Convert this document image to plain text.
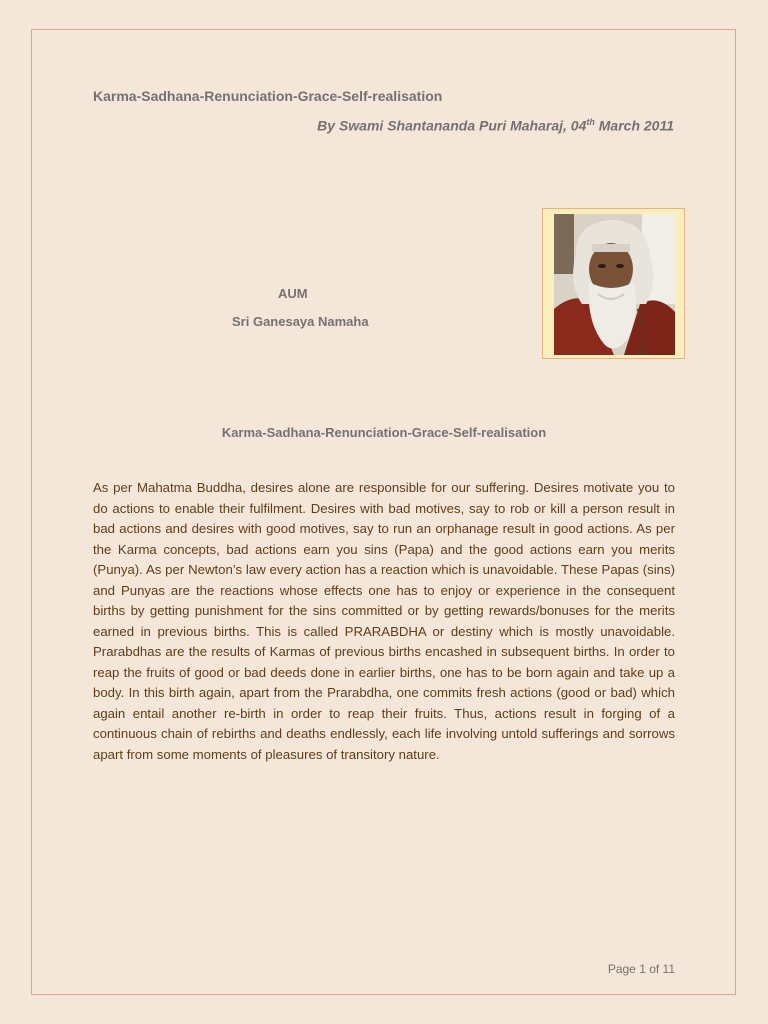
Karma-Sadhana-Renunciation-Grace-Self-realisation
By Swami Shantananda Puri Maharaj, 04th March 2011
AUM
Sri Ganesaya Namaha
Karma-Sadhana-Renunciation-Grace-Self-realisation

As per Mahatma Buddha, desires alone are responsible for our suffering. Desires motivate you to do actions to enable their fulfilment. Desires with bad motives, say to rob or kill a person result in bad actions and desires with good motives, say to run an orphanage result in good actions. As per the Karma concepts, bad actions earn you sins (Papa) and the good actions earn you merits (Punya). As per Newton’s law every action has a reaction which is unavoidable. These Papas (sins) and Punyas are the reactions whose effects one has to enjoy or experience in the consequent births by getting punishment for the sins committed or by getting rewards/bonuses for the merits earned in previous births. This is called PRARABDHA or destiny which is mostly unavoidable. Prarabdhas are the results of Karmas of previous births encashed in subsequent births. In order to reap the fruits of good or bad deeds done in earlier births, one has to be born again and take up a body. In this birth again, apart from the Prarabdha, one commits fresh actions (good or bad) which again entail another re-birth in order to reap their fruits. Thus, actions result in forging of a continuous chain of rebirths and deaths endlessly, each life involving untold sufferings and sorrows apart from some moments of pleasures of transitory nature.

Page 1 of 11
